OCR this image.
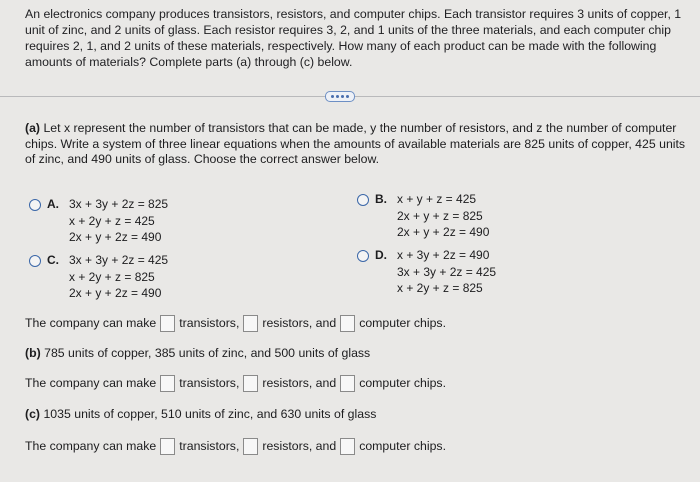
An electronics company produces transistors, resistors, and computer chips. Each transistor requires 3 units of copper, 1 unit of zinc, and 2 units of glass. Each resistor requires 3, 2, and 1 units of the three materials, and each computer chip requires 2, 1, and 2 units of these materials, respectively. How many of each product can be made with the following amounts of materials? Complete parts (a) through (c) below.
(a) Let x represent the number of transistors that can be made, y the number of resistors, and z the number of computer chips. Write a system of three linear equations when the amounts of available materials are 825 units of copper, 425 units of zinc, and 490 units of glass. Choose the correct answer below.
A. 3x + 3y + 2z = 825
x + 2y + z = 425
2x + y + 2z = 490
B. x + y + z = 425
2x + y + z = 825
2x + y + 2z = 490
C. 3x + 3y + 2z = 425
x + 2y + z = 825
2x + y + 2z = 490
D. x + 3y + 2z = 490
3x + 3y + 2z = 425
x + 2y + z = 825
The company can make transistors, resistors, and computer chips.
(b) 785 units of copper, 385 units of zinc, and 500 units of glass
The company can make transistors, resistors, and computer chips.
(c) 1035 units of copper, 510 units of zinc, and 630 units of glass
The company can make transistors, resistors, and computer chips.
